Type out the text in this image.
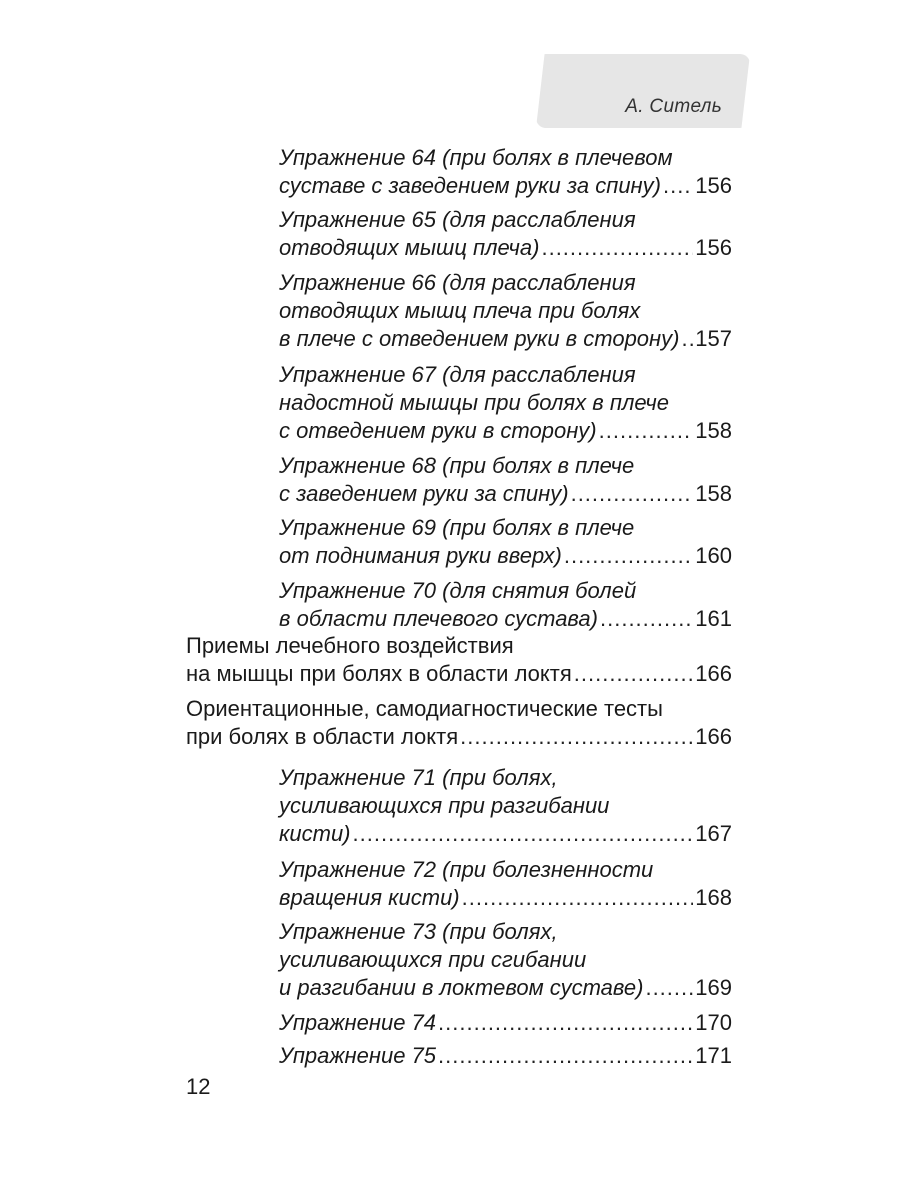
А. Ситель
Упражнение 64 (при болях в плечевом
суставе с заведением руки за спину) ..... 156
Упражнение 65 (для расслабления
отводящих мышц плеча) .....	156
Упражнение 66 (для расслабления
отводящих мышц плеча при болях
в плече с отведением руки в сторону) ..... 157
Упражнение 67 (для расслабления
надостной мышцы при болях в плече
с отведением руки в сторону) .....	158
Упражнение 68 (при болях в плече
с заведением руки за спину) .....	158
Упражнение 69 (при болях в плече
от поднимания руки вверх) .....	160
Упражнение 70 (для снятия болей
в области плечевого сустава) .....	161
Приемы лечебного воздействия
на мышцы при болях в области локтя .....	166
Ориентационные, самодиагностические тесты
при болях в области локтя .....	166
Упражнение 71 (при болях,
усиливающихся при разгибании
кисти) .....	167
Упражнение 72 (при болезненности
вращения кисти) .....	168
Упражнение 73 (при болях,
усиливающихся при сгибании
и разгибании в локтевом суставе) ..... 169
Упражнение 74 .....	170
Упражнение 75 .....	171
12
